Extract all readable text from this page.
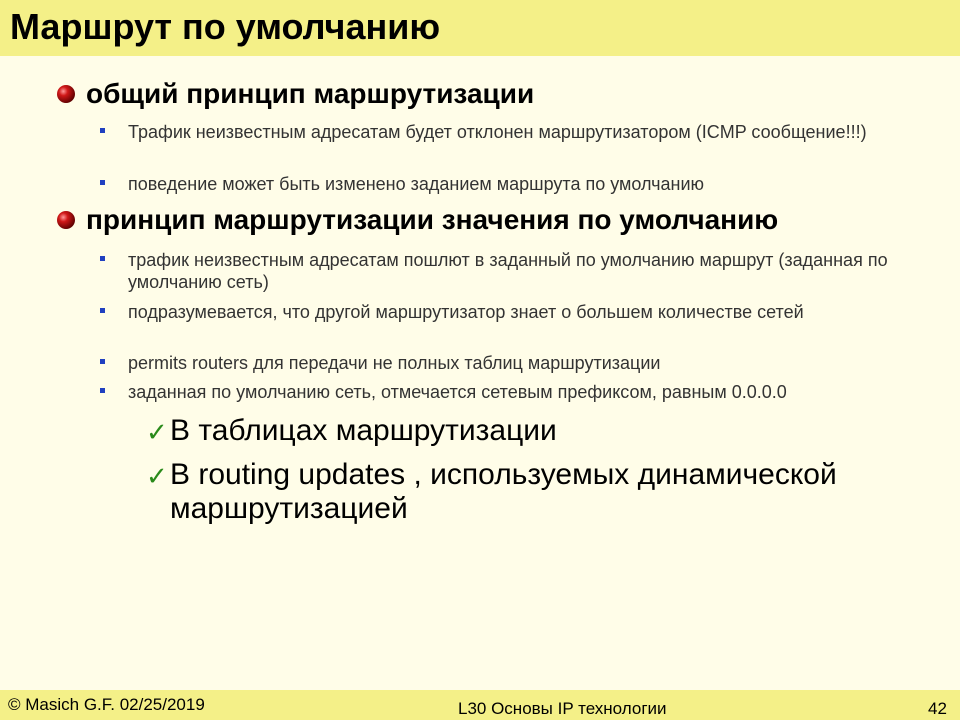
Маршрут по умолчанию
общий принцип маршрутизации
Трафик неизвестным адресатам будет отклонен маршрутизатором (ICMP сообщение!!!)
поведение может быть изменено заданием маршрута по умолчанию
принцип маршрутизации значения по умолчанию
трафик неизвестным адресатам пошлют в заданный по умолчанию маршрут (заданная по умолчанию сеть)
подразумевается, что другой маршрутизатор знает о большем количестве сетей
permits routers для передачи не полных таблиц маршрутизации
заданная по умолчанию сеть, отмечается сетевым префиксом, равным 0.0.0.0
✓ В таблицах маршрутизации
✓ В routing updates , используемых динамической маршрутизацией
© Masich G.F. 02/25/2019	L30 Основы IP технологии	42
